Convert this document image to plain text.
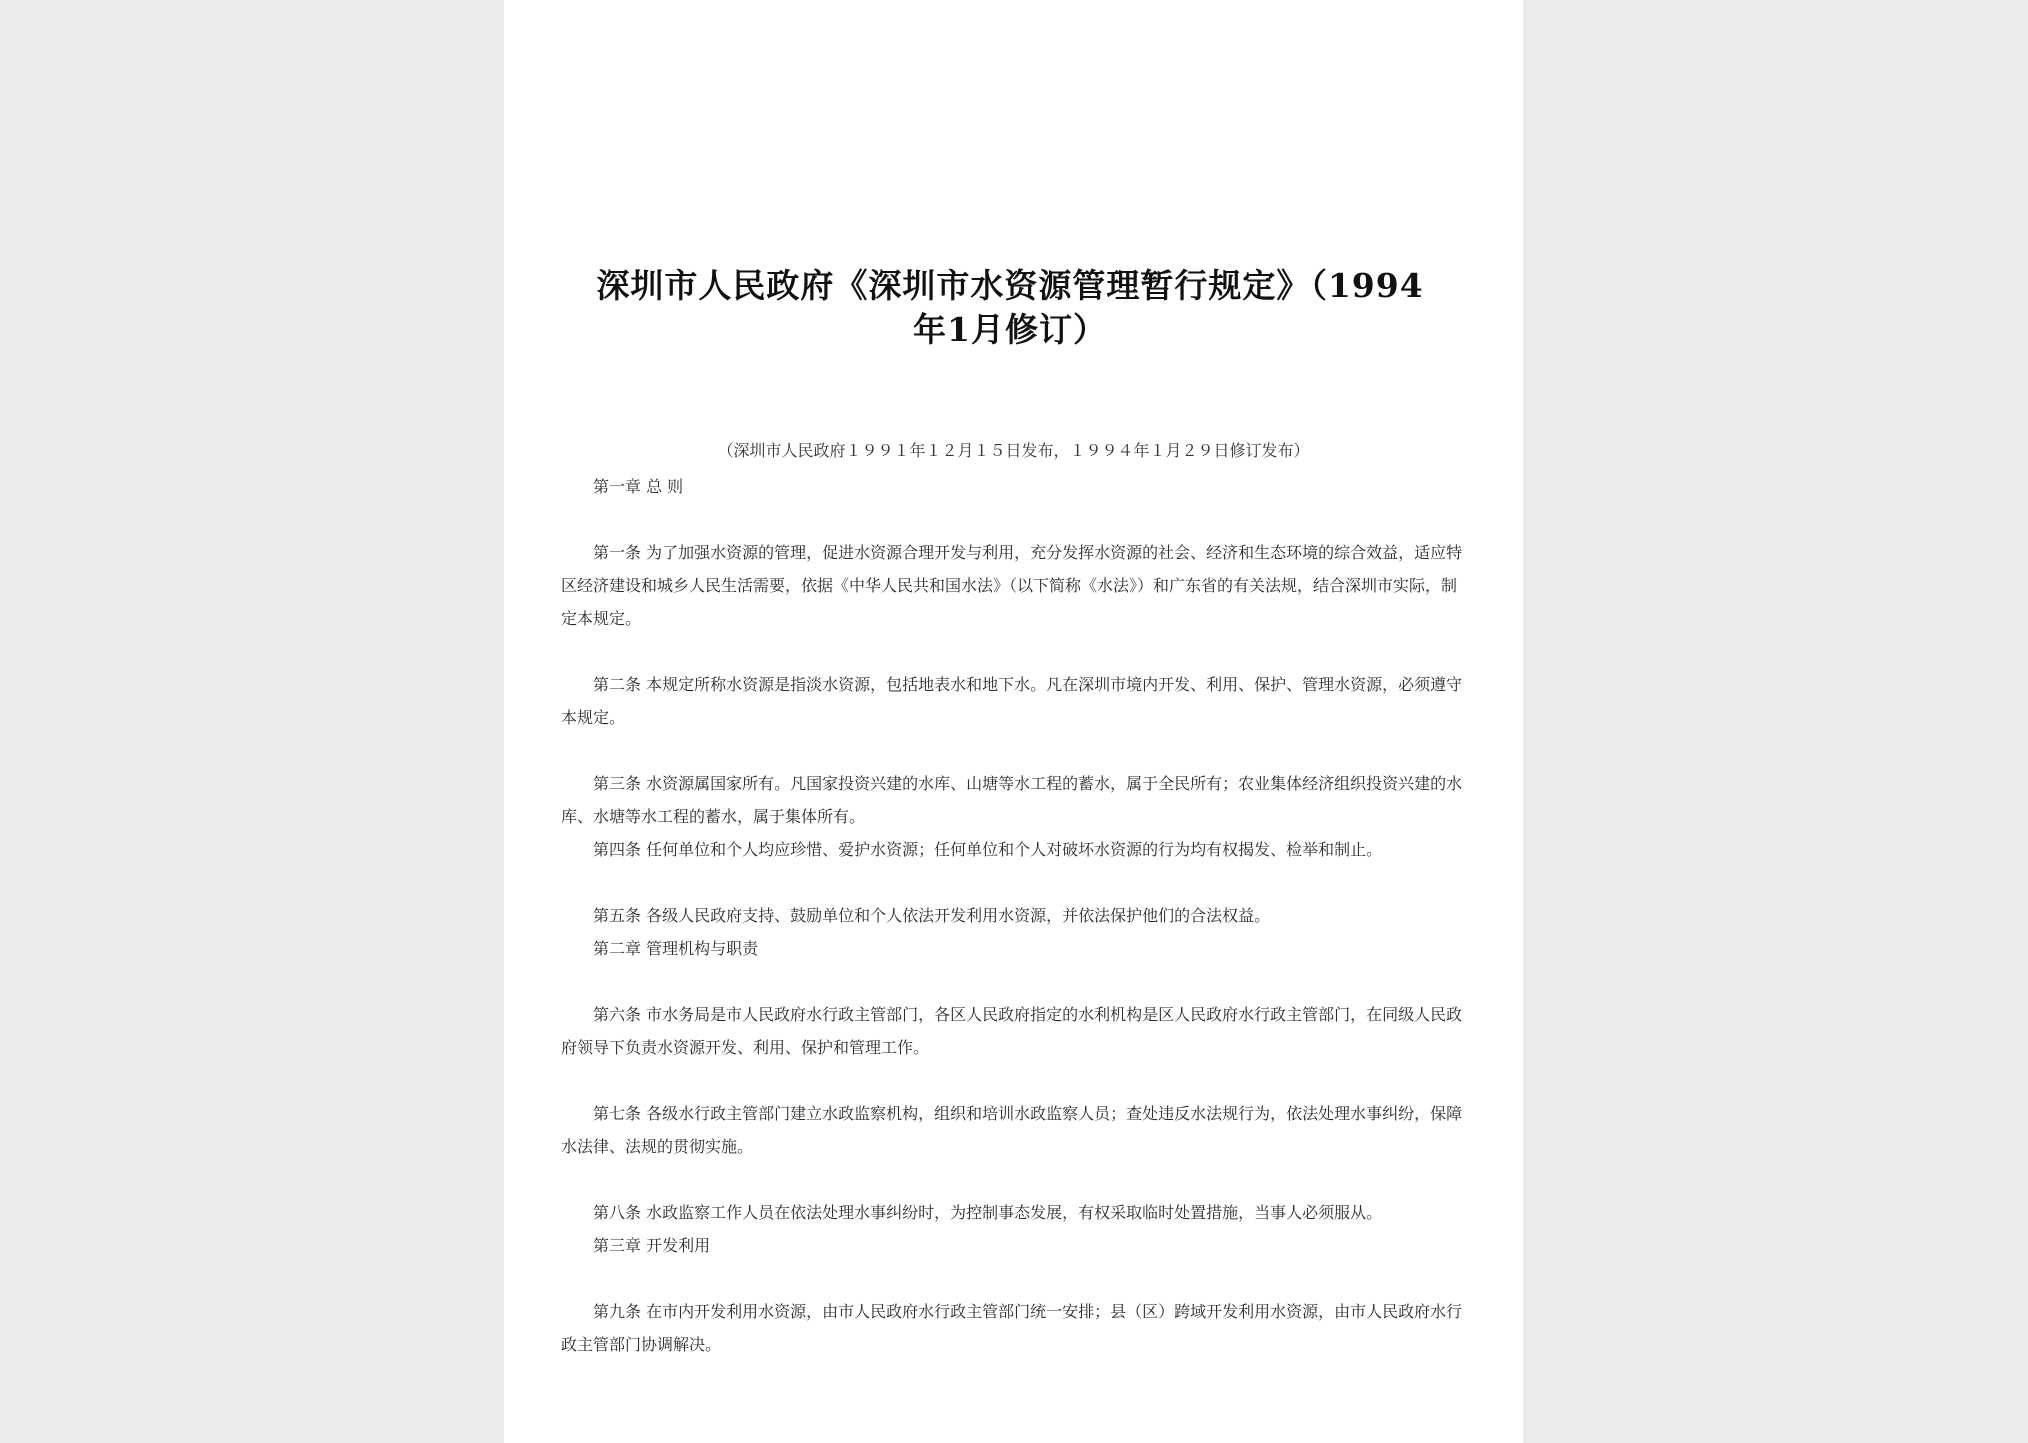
深圳市人民政府《深圳市水资源管理暂行规定》（1994
年1月修订）
（深圳市人民政府１９９１年１２月１５日发布，１９９４年１月２９日修订发布）

第一章 总 则

第一条 为了加强水资源的管理，促进水资源合理开发与利用，充分发挥水资源的社会、经济和生态环境的综合效益，适应特区经济建设和城乡人民生活需要，依据《中华人民共和国水法》（以下简称《水法》）和广东省的有关法规，结合深圳市实际，制定本规定。

第二条 本规定所称水资源是指淡水资源，包括地表水和地下水。凡在深圳市境内开发、利用、保护、管理水资源，必须遵守本规定。

第三条 水资源属国家所有。凡国家投资兴建的水库、山塘等水工程的蓄水，属于全民所有；农业集体经济组织投资兴建的水库、水塘等水工程的蓄水，属于集体所有。

第四条 任何单位和个人均应珍惜、爱护水资源；任何单位和个人对破坏水资源的行为均有权揭发、检举和制止。

第五条 各级人民政府支持、鼓励单位和个人依法开发利用水资源，并依法保护他们的合法权益。

第二章 管理机构与职责

第六条 市水务局是市人民政府水行政主管部门，各区人民政府指定的水利机构是区人民政府水行政主管部门，在同级人民政府领导下负责水资源开发、利用、保护和管理工作。

第七条 各级水行政主管部门建立水政监察机构，组织和培训水政监察人员；查处违反水法规行为，依法处理水事纠纷，保障水法律、法规的贯彻实施。

第八条 水政监察工作人员在依法处理水事纠纷时，为控制事态发展，有权采取临时处置措施，当事人必须服从。

第三章 开发利用

第九条 在市内开发利用水资源，由市人民政府水行政主管部门统一安排；县（区）跨域开发利用水资源，由市人民政府水行政主管部门协调解决。
